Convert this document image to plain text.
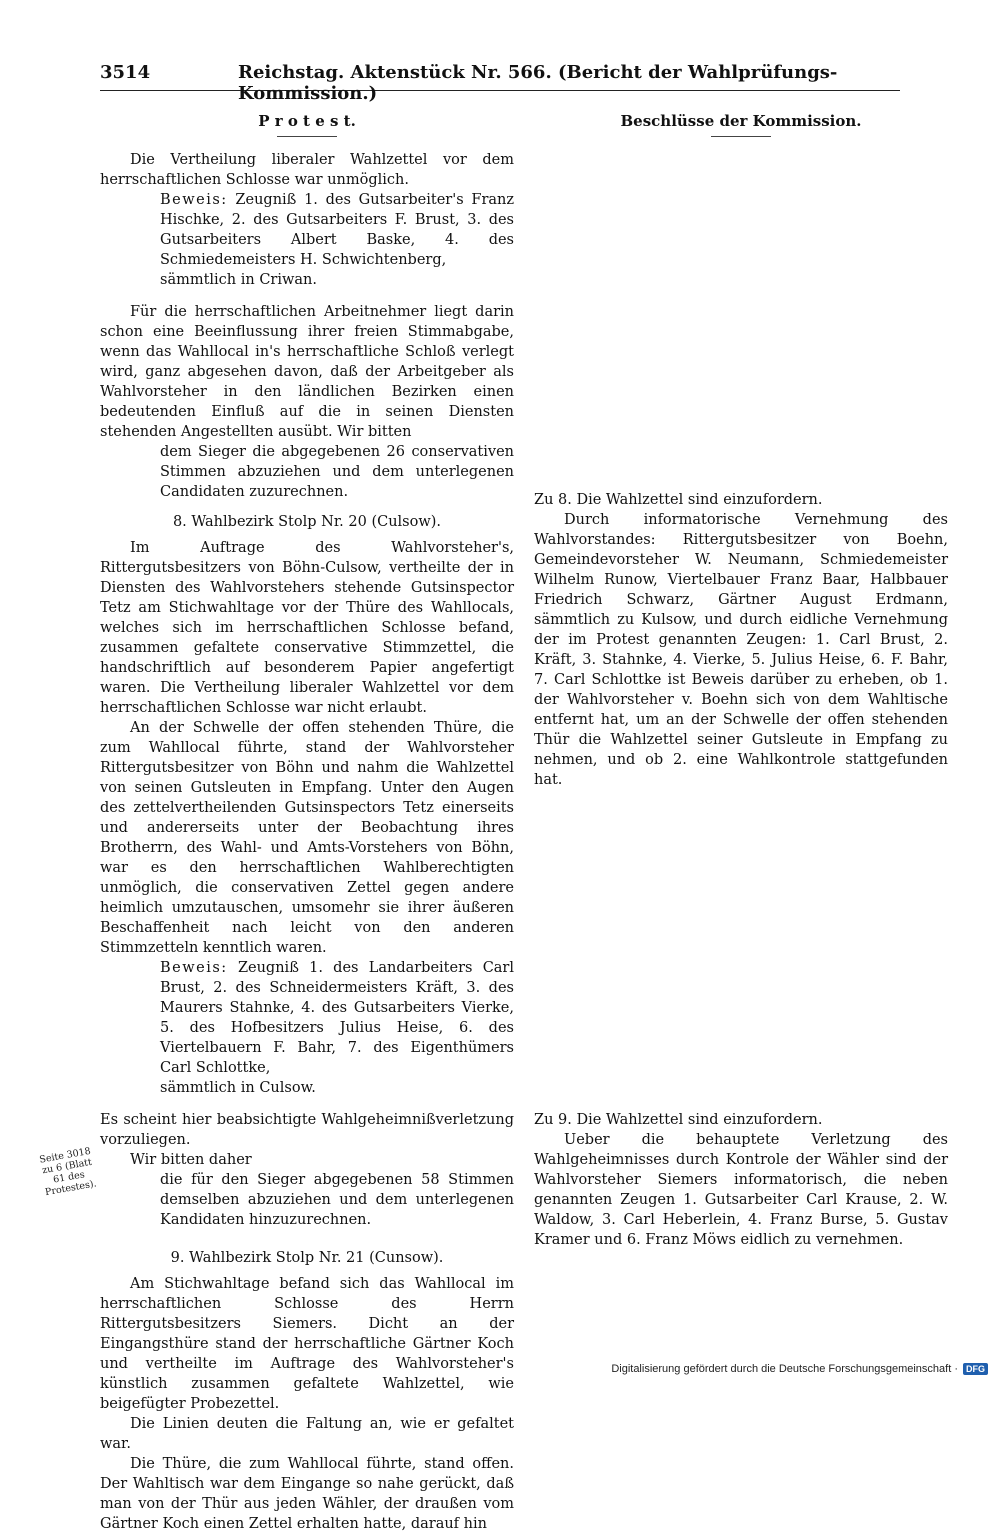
3514	Reichstag. Aktenstück Nr. 566. (Bericht der Wahlprüfungs-Kommission.)
P r o t e s t.	Beschlüsse der Kommission.

Die Vertheilung liberaler Wahlzettel vor dem herrschaftlichen Schlosse war unmöglich.

Beweis: Zeugniß 1. des Gutsarbeiter's Franz Hischke, 2. des Gutsarbeiters F. Brust, 3. des Gutsarbeiters Albert Baske, 4. des Schmiedemeisters H. Schwichtenberg,

sämmtlich in Criwan.

Für die herrschaftlichen Arbeitnehmer liegt darin schon eine Beeinflussung ihrer freien Stimmabgabe, wenn das Wahllocal in's herrschaftliche Schloß verlegt wird, ganz abgesehen davon, daß der Arbeitgeber als Wahlvorsteher in den ländlichen Bezirken einen bedeutenden Einfluß auf die in seinen Diensten stehenden Angestellten ausübt. Wir bitten

dem Sieger die abgegebenen 26 conservativen Stimmen abzuziehen und dem unterlegenen Candidaten zuzurechnen.

8. Wahlbezirk Stolp Nr. 20 (Culsow).

Im Auftrage des Wahlvorsteher's, Rittergutsbesitzers von Böhn-Culsow, vertheilte der in Diensten des Wahlvorstehers stehende Gutsinspector Tetz am Stichwahltage vor der Thüre des Wahllocals, welches sich im herrschaftlichen Schlosse befand, zusammen gefaltete conservative Stimmzettel, die handschriftlich auf besonderem Papier angefertigt waren. Die Vertheilung liberaler Wahlzettel vor dem herrschaftlichen Schlosse war nicht erlaubt.

An der Schwelle der offen stehenden Thüre, die zum Wahllocal führte, stand der Wahlvorsteher Rittergutsbesitzer von Böhn und nahm die Wahlzettel von seinen Gutsleuten in Empfang. Unter den Augen des zettelvertheilenden Gutsinspectors Tetz einerseits und andererseits unter der Beobachtung ihres Brotherrn, des Wahl- und Amts-Vorstehers von Böhn, war es den herrschaftlichen Wahlberechtigten unmöglich, die conservativen Zettel gegen andere heimlich umzutauschen, umsomehr sie ihrer äußeren Beschaffenheit nach leicht von den anderen Stimmzetteln kenntlich waren.

Beweis: Zeugniß 1. des Landarbeiters Carl Brust, 2. des Schneidermeisters Kräft, 3. des Maurers Stahnke, 4. des Gutsarbeiters Vierke, 5. des Hofbesitzers Julius Heise, 6. des Viertelbauern F. Bahr, 7. des Eigenthümers Carl Schlottke,

sämmtlich in Culsow.

Es scheint hier beabsichtigte Wahlgeheimnißverletzung vorzuliegen.

Wir bitten daher

die für den Sieger abgegebenen 58 Stimmen demselben abzuziehen und dem unterlegenen Kandidaten hinzuzurechnen.

9. Wahlbezirk Stolp Nr. 21 (Cunsow).

Am Stichwahltage befand sich das Wahllocal im herrschaftlichen Schlosse des Herrn Rittergutsbesitzers Siemers. Dicht an der Eingangsthüre stand der herrschaftliche Gärtner Koch und vertheilte im Auftrage des Wahlvorsteher's künstlich zusammen gefaltete Wahlzettel, wie beigefügter Probezettel.

Die Linien deuten die Faltung an, wie er gefaltet war.

Die Thüre, die zum Wahllocal führte, stand offen. Der Wahltisch war dem Eingange so nahe gerückt, daß man von der Thür aus jeden Wähler, der draußen vom Gärtner Koch einen Zettel erhalten hatte, darauf hin

Seite 3018 zu 6 (Blatt 61 des Protestes).

Zu 8. Die Wahlzettel sind einzufordern.

Durch informatorische Vernehmung des Wahlvorstandes: Rittergutsbesitzer von Boehn, Gemeindevorsteher W. Neumann, Schmiedemeister Wilhelm Runow, Viertelbauer Franz Baar, Halbbauer Friedrich Schwarz, Gärtner August Erdmann, sämmtlich zu Kulsow, und durch eidliche Vernehmung der im Protest genannten Zeugen: 1. Carl Brust, 2. Kräft, 3. Stahnke, 4. Vierke, 5. Julius Heise, 6. F. Bahr, 7. Carl Schlottke ist Beweis darüber zu erheben, ob 1. der Wahlvorsteher v. Boehn sich von dem Wahltische entfernt hat, um an der Schwelle der offen stehenden Thür die Wahlzettel seiner Gutsleute in Empfang zu nehmen, und ob 2. eine Wahlkontrole stattgefunden hat.

Zu 9. Die Wahlzettel sind einzufordern.

Ueber die behauptete Verletzung des Wahlgeheimnisses durch Kontrole der Wähler sind der Wahlvorsteher Siemers informatorisch, die neben genannten Zeugen 1. Gutsarbeiter Carl Krause, 2. W. Waldow, 3. Carl Heberlein, 4. Franz Burse, 5. Gustav Kramer und 6. Franz Möws eidlich zu vernehmen.

Digitalisierung gefördert durch die Deutsche Forschungsgemeinschaft · DFG
